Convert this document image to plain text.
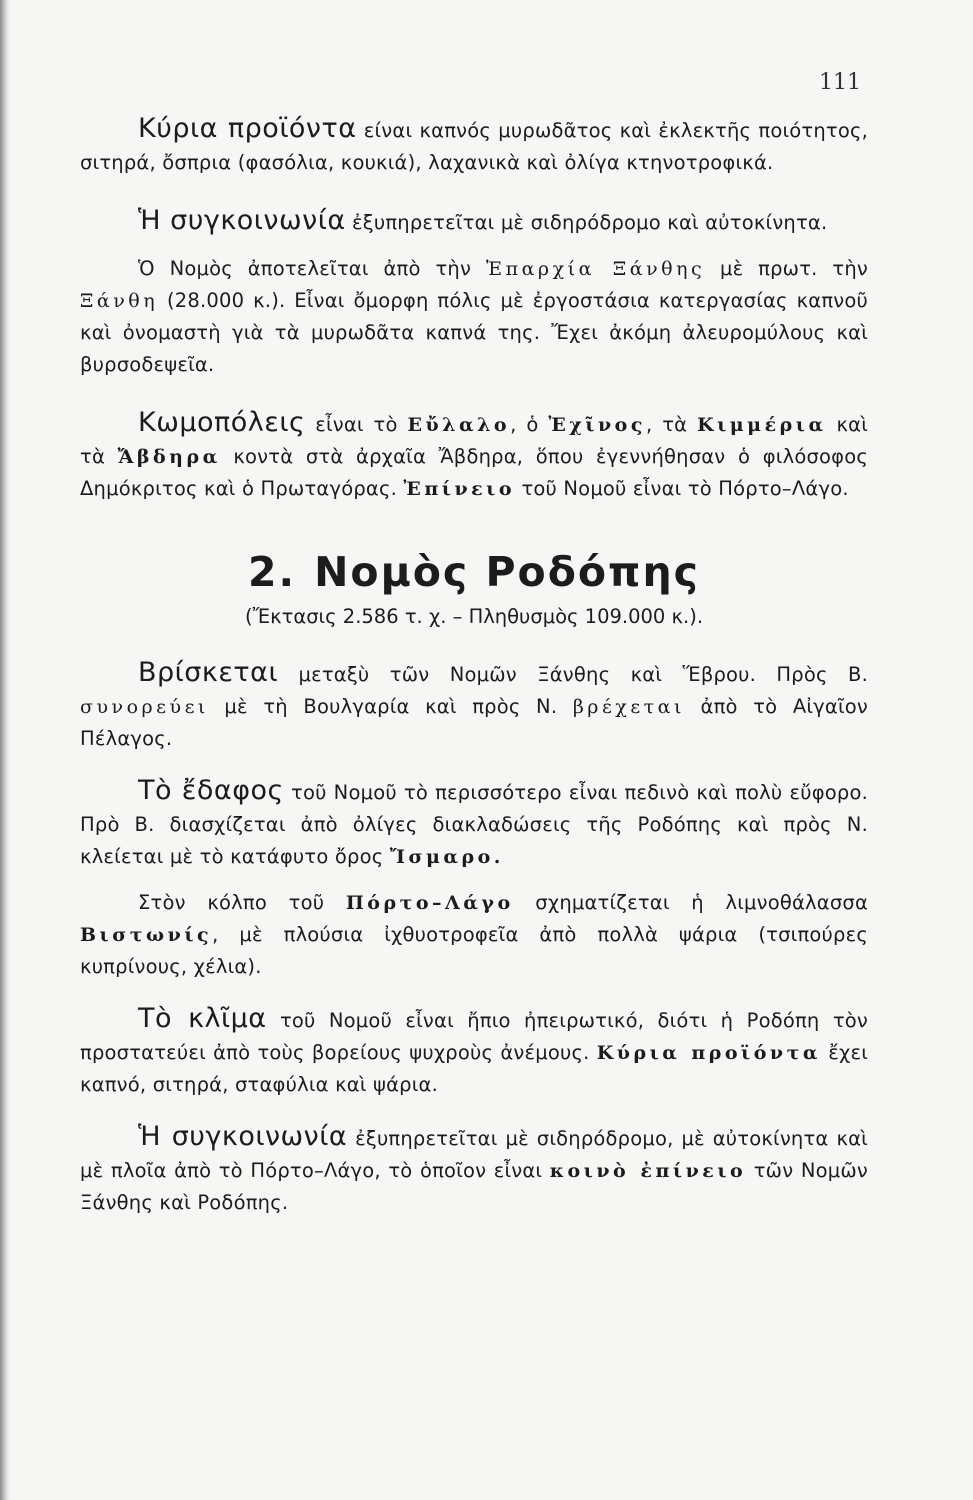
111

Κύρια προϊόντα είναι καπνός μυρωδᾶτος καὶ ἐκλεκτῆς ποιότητος, σιτηρά, ὄσπρια (φασόλια, κουκιά), λαχανικὰ καὶ ὀλίγα κτηνοτροφικά.

Ἡ συγκοινωνία ἐξυπηρετεῖται μὲ σιδηρόδρομο καὶ αὐτοκίνητα.

Ὁ Νομὸς ἀποτελεῖται ἀπὸ τὴν Ἐπαρχία Ξάνθης μὲ πρωτ. τὴν Ξάνθη (28.000 κ.). Εἶναι ὄμορφη πόλις μὲ ἐργοστάσια κατεργασίας καπνοῦ καὶ ὀνομαστὴ γιὰ τὰ μυρωδᾶτα καπνά της. Ἔχει ἀκόμη ἀλευρομύλους καὶ βυρσοδεψεῖα.

Κωμοπόλεις εἶναι τὸ Εὔλαλο, ὁ Ἐχῖνος, τὰ Κιμμέρια καὶ τὰ Ἄβδηρα κοντὰ στὰ ἀρχαῖα Ἄβδηρα, ὅπου ἐγεννήθησαν ὁ φιλόσοφος Δημόκριτος καὶ ὁ Πρωταγόρας. Ἐπίνειο τοῦ Νομοῦ εἶναι τὸ Πόρτο–Λάγο.

2. Νομὸς Ροδόπης

(Ἔκτασις 2.586 τ. χ. – Πληθυσμὸς 109.000 κ.).

Βρίσκεται μεταξὺ τῶν Νομῶν Ξάνθης καὶ Ἕβρου. Πρὸς Β. συνορεύει μὲ τὴ Βουλγαρία καὶ πρὸς Ν. βρέχεται ἀπὸ τὸ Αἰγαῖον Πέλαγος.

Τὸ ἔδαφος τοῦ Νομοῦ τὸ περισσότερο εἶναι πεδινὸ καὶ πολὺ εὔφορο. Πρὸ Β. διασχίζεται ἀπὸ ὀλίγες διακλαδώσεις τῆς Ροδόπης καὶ πρὸς Ν. κλείεται μὲ τὸ κατάφυτο ὄρος Ἴσμαρο.

Στὸν κόλπο τοῦ Πόρτο–Λάγο σχηματίζεται ἡ λιμνοθάλασσα Βιστωνίς, μὲ πλούσια ἰχθυοτροφεῖα ἀπὸ πολλὰ ψάρια (τσιπούρες κυπρίνους, χέλια).

Τὸ κλῖμα τοῦ Νομοῦ εἶναι ἤπιο ἠπειρωτικό, διότι ἡ Ροδόπη τὸν προστατεύει ἀπὸ τοὺς βορείους ψυχροὺς ἀνέμους. Κύρια προϊόντα ἔχει καπνό, σιτηρά, σταφύλια καὶ ψάρια.

Ἡ συγκοινωνία ἐξυπηρετεῖται μὲ σιδηρόδρομο, μὲ αὐτοκίνητα καὶ μὲ πλοῖα ἀπὸ τὸ Πόρτο–Λάγο, τὸ ὁποῖον εἶναι κοινὸ ἐπίνειο τῶν Νομῶν Ξάνθης καὶ Ροδόπης.
